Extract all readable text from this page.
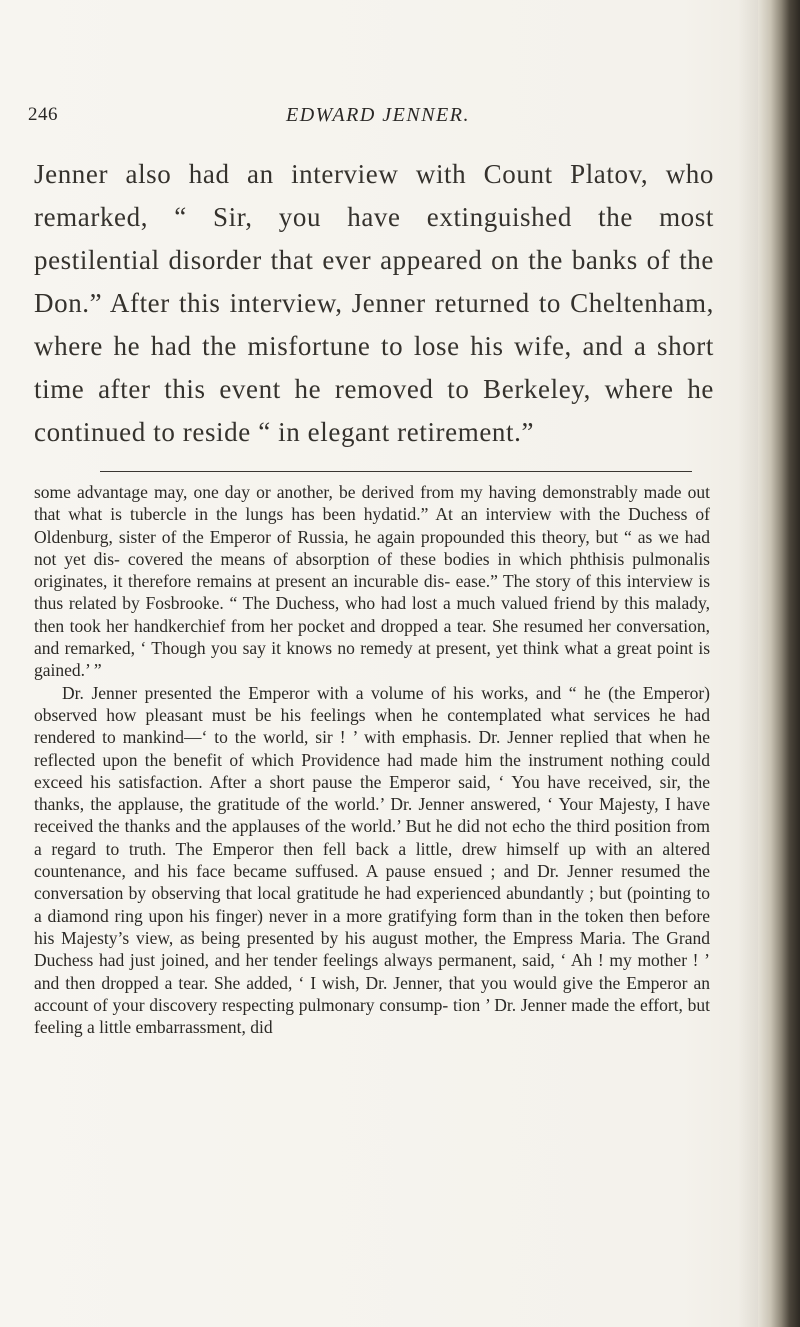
246	EDWARD JENNER.
Jenner also had an interview with Count Platov, who remarked, “ Sir, you have extinguished the most pestilential disorder that ever appeared on the banks of the Don.” After this interview, Jenner returned to Cheltenham, where he had the misfortune to lose his wife, and a short time after this event he removed to Berkeley, where he continued to reside “ in elegant retirement.”

some advantage may, one day or another, be derived from my having demonstrably made out that what is tubercle in the lungs has been hydatid.” At an interview with the Duchess of Oldenburg, sister of the Emperor of Russia, he again propounded this theory, but “ as we had not yet dis- covered the means of absorption of these bodies in which phthisis pulmonalis originates, it therefore remains at present an incurable dis- ease.” The story of this interview is thus related by Fosbrooke. “ The Duchess, who had lost a much valued friend by this malady, then took her handkerchief from her pocket and dropped a tear. She resumed her conversation, and remarked, ‘ Though you say it knows no remedy at present, yet think what a great point is gained.’ ”

Dr. Jenner presented the Emperor with a volume of his works, and “ he (the Emperor) observed how pleasant must be his feelings when he contemplated what services he had rendered to mankind—‘ to the world, sir ! ’ with emphasis. Dr. Jenner replied that when he reflected upon the benefit of which Providence had made him the instrument nothing could exceed his satisfaction. After a short pause the Emperor said, ‘ You have received, sir, the thanks, the applause, the gratitude of the world.’ Dr. Jenner answered, ‘ Your Majesty, I have received the thanks and the applauses of the world.’ But he did not echo the third position from a regard to truth. The Emperor then fell back a little, drew himself up with an altered countenance, and his face became suffused. A pause ensued ; and Dr. Jenner resumed the conversation by observing that local gratitude he had experienced abundantly ; but (pointing to a diamond ring upon his finger) never in a more gratifying form than in the token then before his Majesty’s view, as being presented by his august mother, the Empress Maria. The Grand Duchess had just joined, and her tender feelings always permanent, said, ‘ Ah ! my mother ! ’ and then dropped a tear. She added, ‘ I wish, Dr. Jenner, that you would give the Emperor an account of your discovery respecting pulmonary consump- tion ’ Dr. Jenner made the effort, but feeling a little embarrassment, did
